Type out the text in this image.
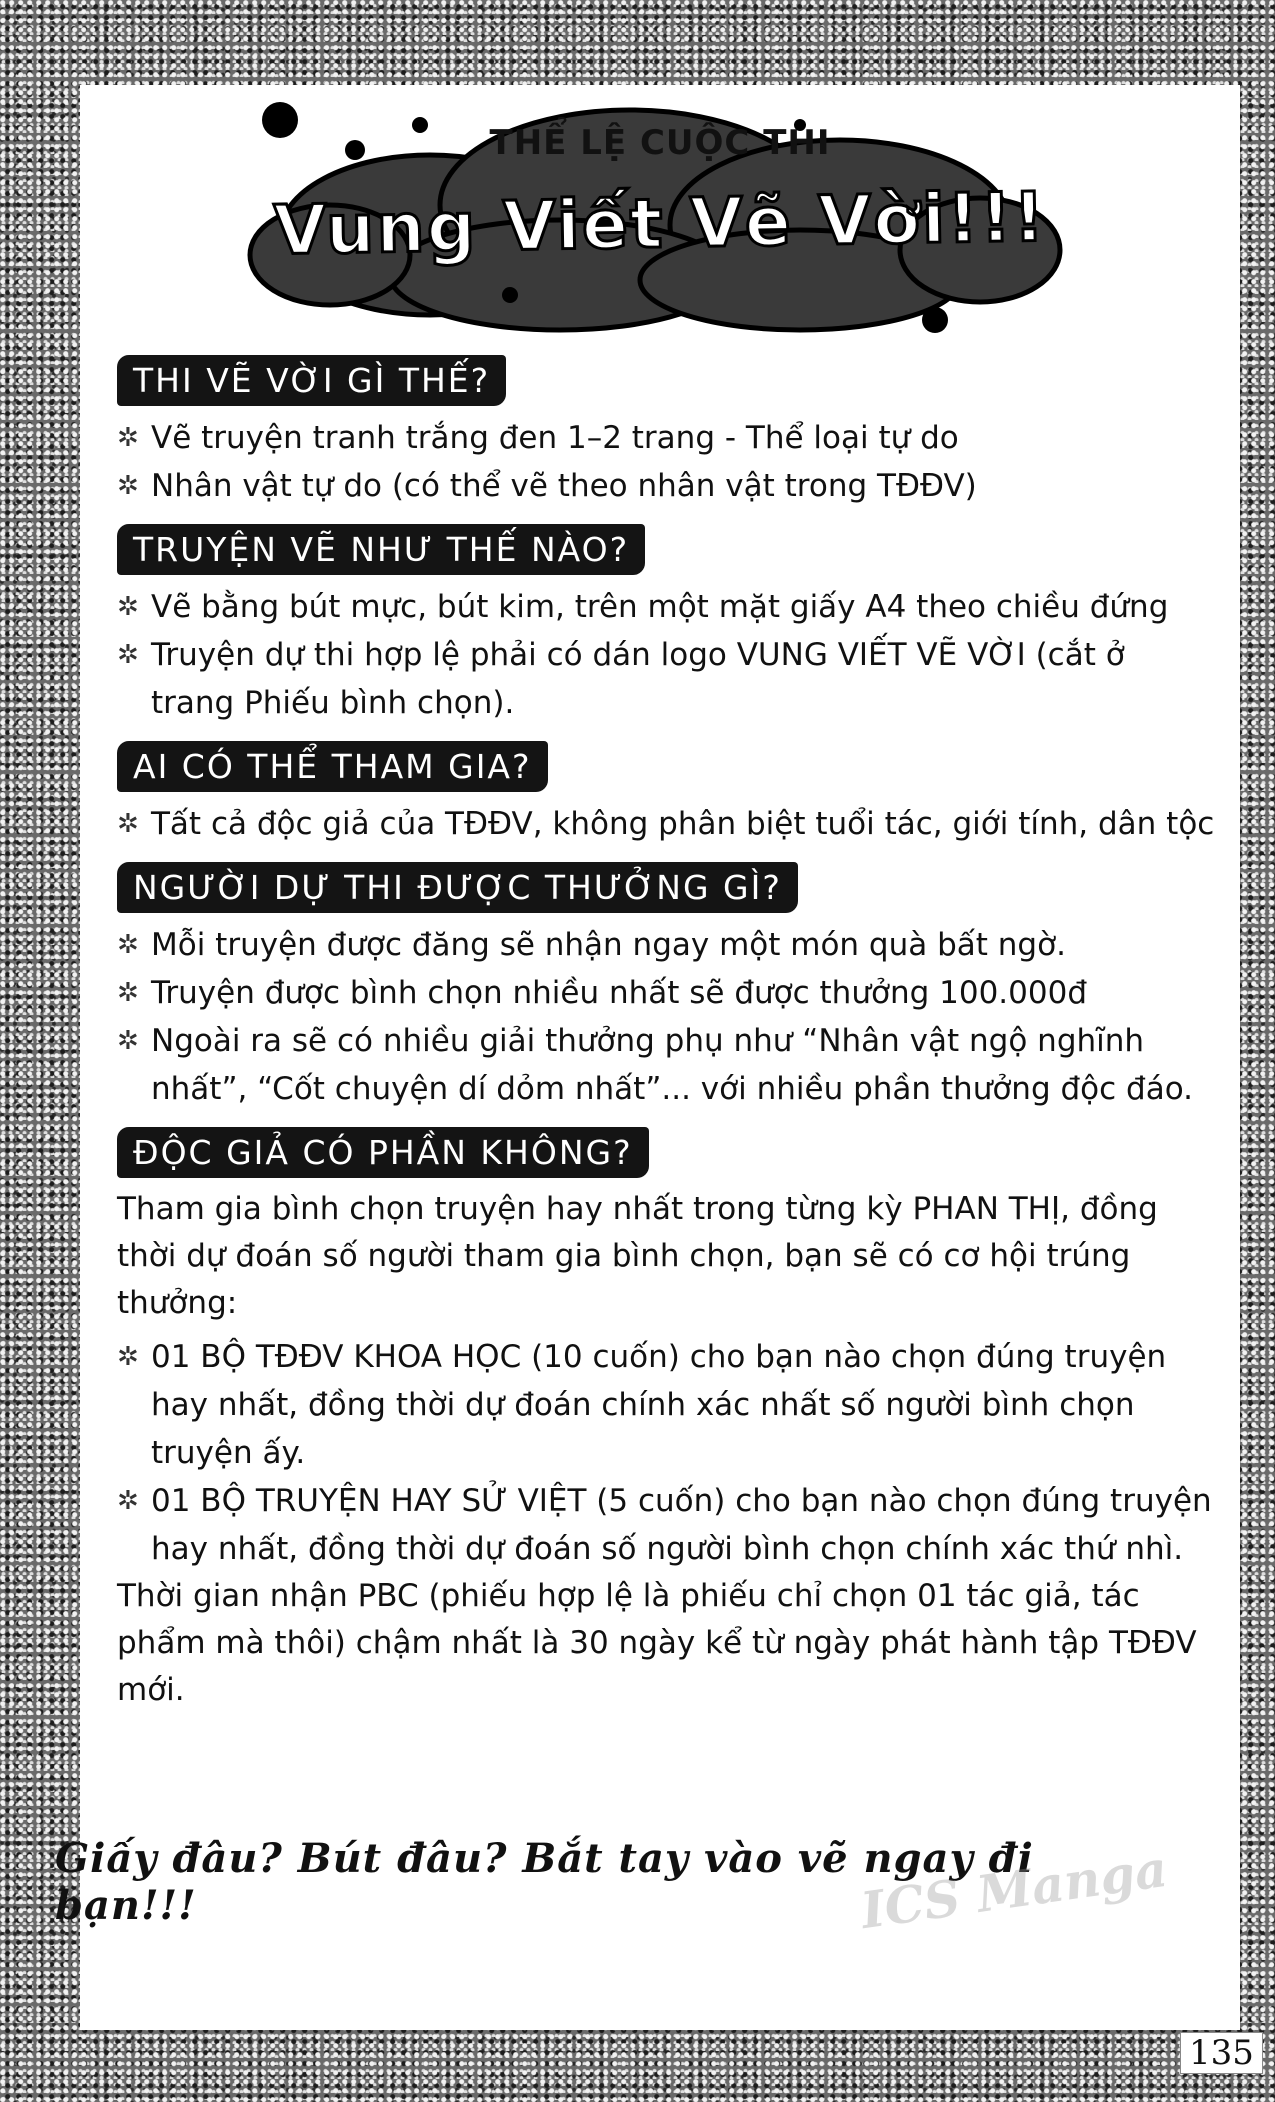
THỂ LỆ CUỘC THI
Vung Viết Vẽ Vời!!!
THI VẼ VỜI GÌ THẾ?
✲ Vẽ truyện tranh trắng đen 1–2 trang - Thể loại tự do
✲ Nhân vật tự do (có thể vẽ theo nhân vật trong TĐĐV)
TRUYỆN VẼ NHƯ THẾ NÀO?
✲ Vẽ bằng bút mực, bút kim, trên một mặt giấy A4 theo chiều đứng
✲ Truyện dự thi hợp lệ phải có dán logo VUNG VIẾT VẼ VỜI (cắt ở trang Phiếu bình chọn).
AI CÓ THỂ THAM GIA?
✲ Tất cả độc giả của TĐĐV, không phân biệt tuổi tác, giới tính, dân tộc
NGƯỜI DỰ THI ĐƯỢC THƯỞNG GÌ?
✲ Mỗi truyện được đăng sẽ nhận ngay một món quà bất ngờ.
✲ Truyện được bình chọn nhiều nhất sẽ được thưởng 100.000đ
✲ Ngoài ra sẽ có nhiều giải thưởng phụ như “Nhân vật ngộ nghĩnh nhất”, “Cốt chuyện dí dỏm nhất”... với nhiều phần thưởng độc đáo.
ĐỘC GIẢ CÓ PHẦN KHÔNG?
Tham gia bình chọn truyện hay nhất trong từng kỳ PHAN THỊ, đồng thời dự đoán số người tham gia bình chọn, bạn sẽ có cơ hội trúng thưởng:
✲ 01 BỘ TĐĐV KHOA HỌC (10 cuốn) cho bạn nào chọn đúng truyện hay nhất, đồng thời dự đoán chính xác nhất số người bình chọn truyện ấy.
✲ 01 BỘ TRUYỆN HAY SỬ VIỆT (5 cuốn) cho bạn nào chọn đúng truyện hay nhất, đồng thời dự đoán số người bình chọn chính xác thứ nhì.
Thời gian nhận PBC (phiếu hợp lệ là phiếu chỉ chọn 01 tác giả, tác phẩm mà thôi) chậm nhất là 30 ngày kể từ ngày phát hành tập TĐĐV mới.
Giấy đâu? Bút đâu? Bắt tay vào vẽ ngay đi bạn!!!	ICS Manga
135
